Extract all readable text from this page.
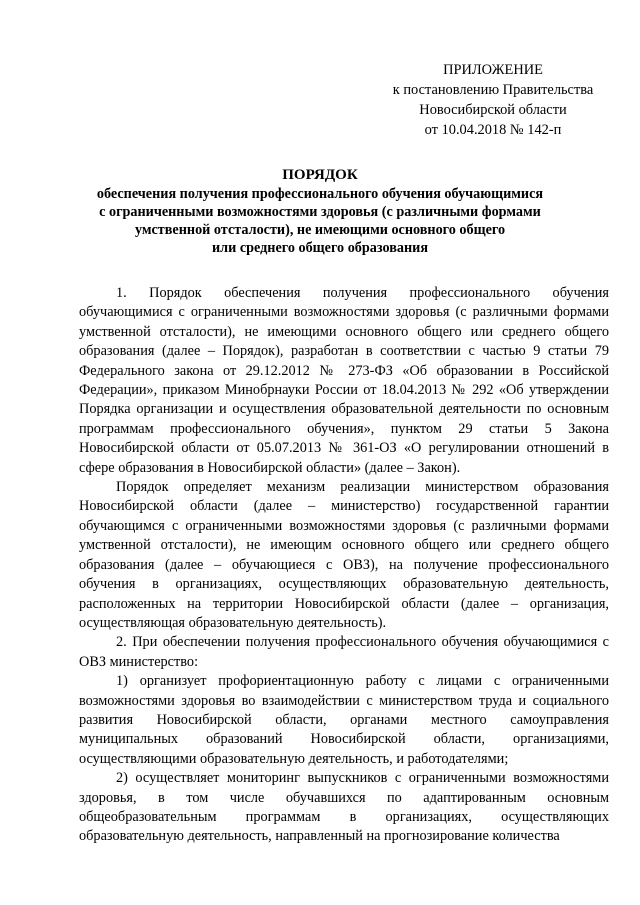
ПРИЛОЖЕНИЕ
к постановлению Правительства
Новосибирской области
от 10.04.2018 № 142-п
ПОРЯДОК
обеспечения получения профессионального обучения обучающимися
с ограниченными возможностями здоровья (с различными формами
умственной отсталости), не имеющими основного общего
или среднего общего образования

1. Порядок обеспечения получения профессионального обучения обучающимися с ограниченными возможностями здоровья (с различными формами умственной отсталости), не имеющими основного общего или среднего общего образования (далее – Порядок), разработан в соответствии с частью 9 статьи 79 Федерального закона от 29.12.2012 № 273-ФЗ «Об образовании в Российской Федерации», приказом Минобрнауки России от 18.04.2013 № 292 «Об утверждении Порядка организации и осуществления образовательной деятельности по основным программам профессионального обучения», пунктом 29 статьи 5 Закона Новосибирской области от 05.07.2013 № 361-ОЗ «О регулировании отношений в сфере образования в Новосибирской области» (далее – Закон).

Порядок определяет механизм реализации министерством образования Новосибирской области (далее – министерство) государственной гарантии обучающимся с ограниченными возможностями здоровья (с различными формами умственной отсталости), не имеющим основного общего или среднего общего образования (далее – обучающиеся с ОВЗ), на получение профессионального обучения в организациях, осуществляющих образовательную деятельность, расположенных на территории Новосибирской области (далее – организация, осуществляющая образовательную деятельность).

2. При обеспечении получения профессионального обучения обучающимися с ОВЗ министерство:

1) организует профориентационную работу с лицами с ограниченными возможностями здоровья во взаимодействии с министерством труда и социального развития Новосибирской области, органами местного самоуправления муниципальных образований Новосибирской области, организациями, осуществляющими образовательную деятельность, и работодателями;

2) осуществляет мониторинг выпускников с ограниченными возможностями здоровья, в том числе обучавшихся по адаптированным основным общеобразовательным программам в организациях, осуществляющих образовательную деятельность, направленный на прогнозирование количества
